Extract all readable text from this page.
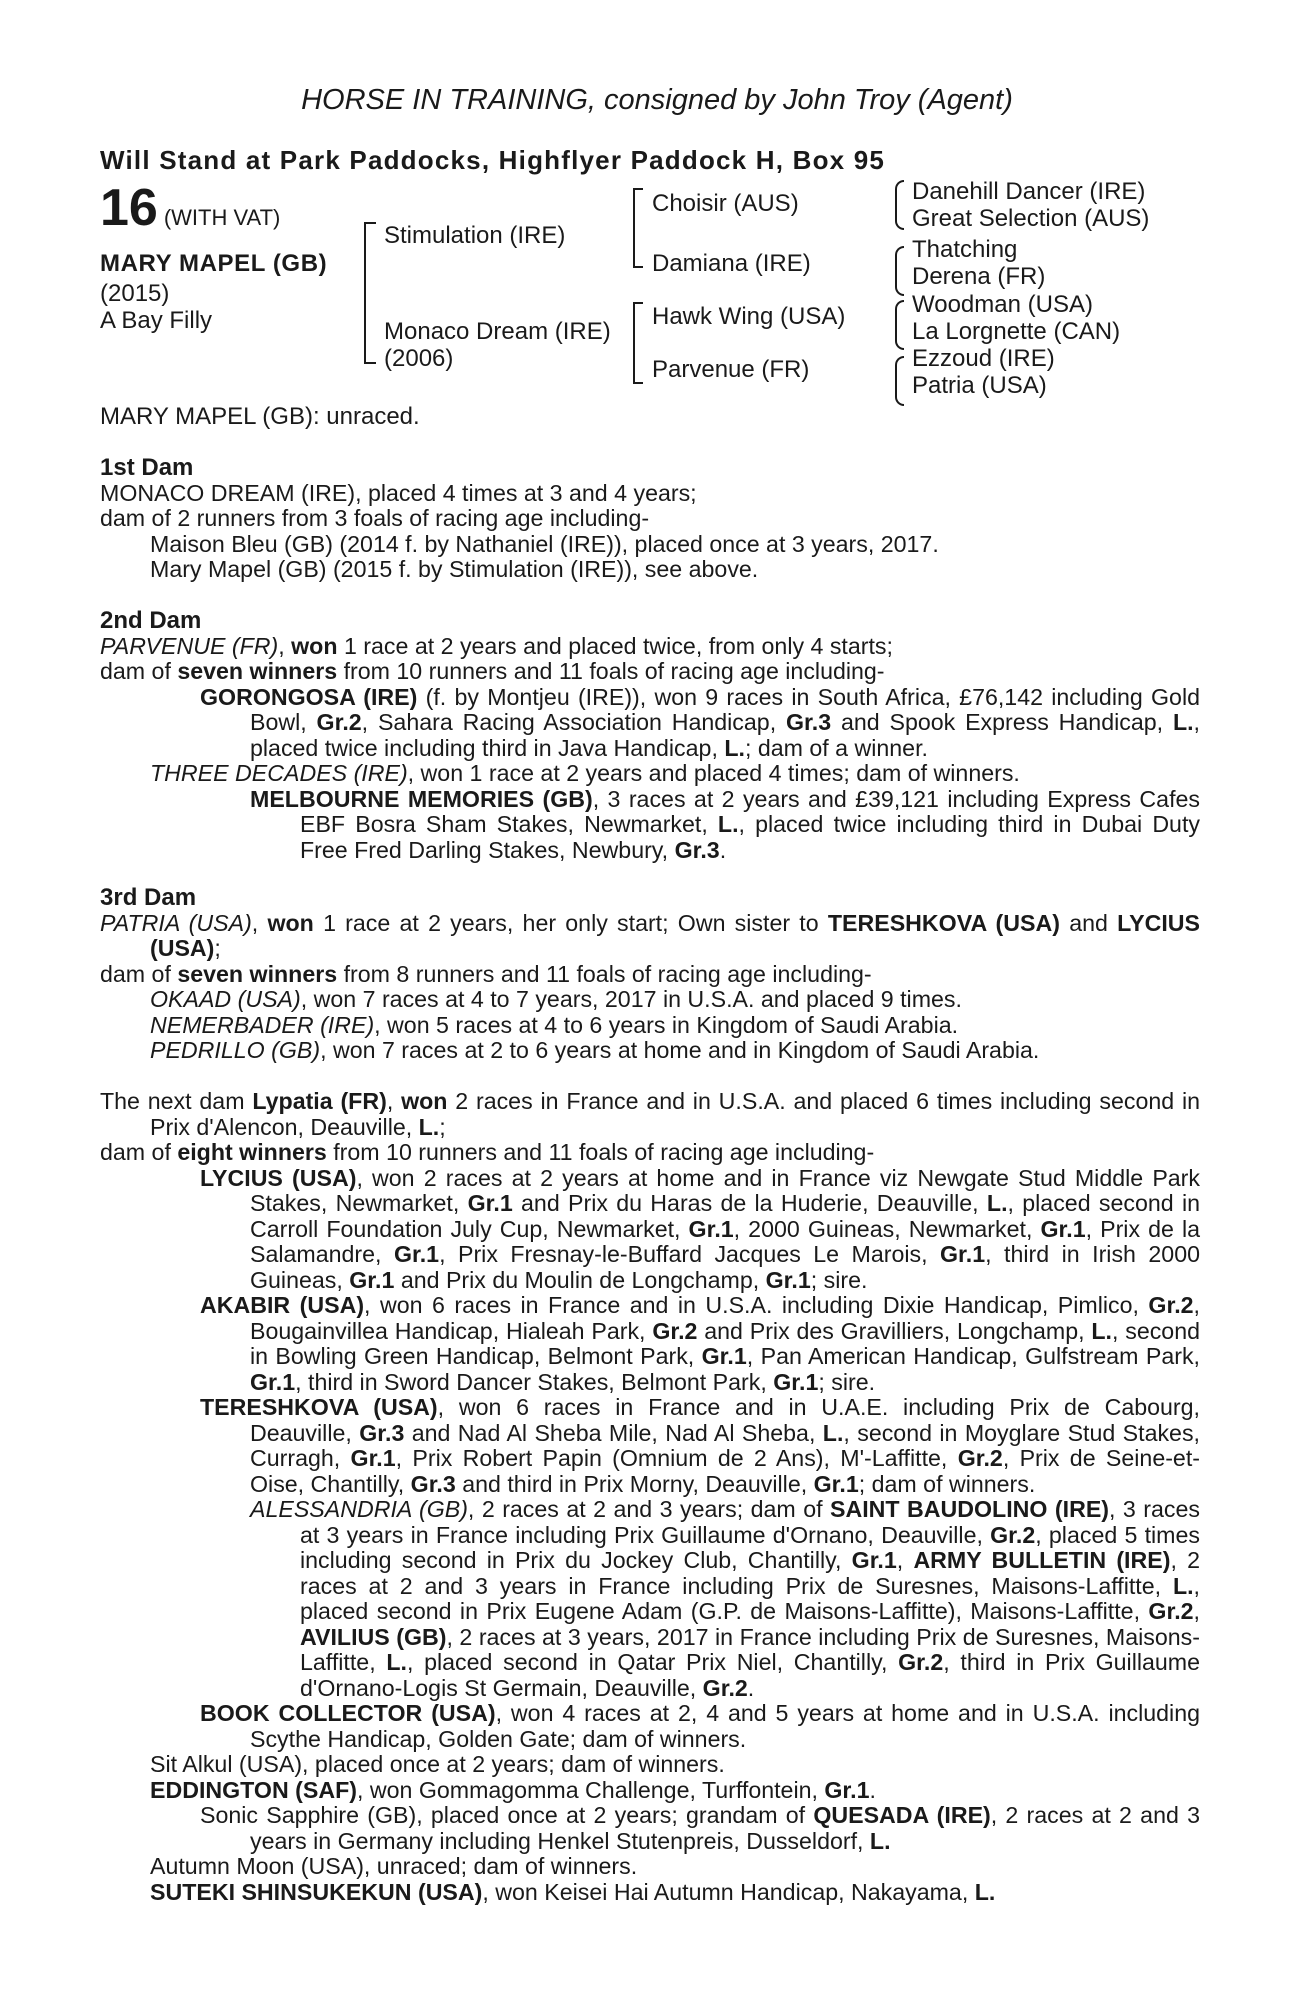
HORSE IN TRAINING, consigned by John Troy (Agent)
Will Stand at Park Paddocks, Highflyer Paddock H, Box 95
16 (WITH VAT)
MARY MAPEL (GB)
(2015)
A Bay Filly
Stimulation (IRE)
Monaco Dream (IRE)
(2006)
Choisir (AUS)
Damiana (IRE)
Hawk Wing (USA)
Parvenue (FR)
Danehill Dancer (IRE)
Great Selection (AUS)
Thatching
Derena (FR)
Woodman (USA)
La Lorgnette (CAN)
Ezzoud (IRE)
Patria (USA)
MARY MAPEL (GB): unraced.

1st Dam

MONACO DREAM (IRE), placed 4 times at 3 and 4 years;

dam of 2 runners from 3 foals of racing age including-

Maison Bleu (GB) (2014 f. by Nathaniel (IRE)), placed once at 3 years, 2017.

Mary Mapel (GB) (2015 f. by Stimulation (IRE)), see above.

2nd Dam

PARVENUE (FR), won 1 race at 2 years and placed twice, from only 4 starts;

dam of seven winners from 10 runners and 11 foals of racing age including-

GORONGOSA (IRE) (f. by Montjeu (IRE)), won 9 races in South Africa, £76,142 including Gold Bowl, Gr.2, Sahara Racing Association Handicap, Gr.3 and Spook Express Handicap, L., placed twice including third in Java Handicap, L.; dam of a winner.

THREE DECADES (IRE), won 1 race at 2 years and placed 4 times; dam of winners.

MELBOURNE MEMORIES (GB), 3 races at 2 years and £39,121 including Express Cafes EBF Bosra Sham Stakes, Newmarket, L., placed twice including third in Dubai Duty Free Fred Darling Stakes, Newbury, Gr.3.

3rd Dam

PATRIA (USA), won 1 race at 2 years, her only start; Own sister to TERESHKOVA (USA) and LYCIUS (USA);

dam of seven winners from 8 runners and 11 foals of racing age including-

OKAAD (USA), won 7 races at 4 to 7 years, 2017 in U.S.A. and placed 9 times.

NEMERBADER (IRE), won 5 races at 4 to 6 years in Kingdom of Saudi Arabia.

PEDRILLO (GB), won 7 races at 2 to 6 years at home and in Kingdom of Saudi Arabia.

The next dam Lypatia (FR), won 2 races in France and in U.S.A. and placed 6 times including second in Prix d'Alencon, Deauville, L.;

dam of eight winners from 10 runners and 11 foals of racing age including-

LYCIUS (USA), won 2 races at 2 years at home and in France viz Newgate Stud Middle Park Stakes, Newmarket, Gr.1 and Prix du Haras de la Huderie, Deauville, L., placed second in Carroll Foundation July Cup, Newmarket, Gr.1, 2000 Guineas, Newmarket, Gr.1, Prix de la Salamandre, Gr.1, Prix Fresnay-le-Buffard Jacques Le Marois, Gr.1, third in Irish 2000 Guineas, Gr.1 and Prix du Moulin de Longchamp, Gr.1; sire.

AKABIR (USA), won 6 races in France and in U.S.A. including Dixie Handicap, Pimlico, Gr.2, Bougainvillea Handicap, Hialeah Park, Gr.2 and Prix des Gravilliers, Longchamp, L., second in Bowling Green Handicap, Belmont Park, Gr.1, Pan American Handicap, Gulfstream Park, Gr.1, third in Sword Dancer Stakes, Belmont Park, Gr.1; sire.

TERESHKOVA (USA), won 6 races in France and in U.A.E. including Prix de Cabourg, Deauville, Gr.3 and Nad Al Sheba Mile, Nad Al Sheba, L., second in Moyglare Stud Stakes, Curragh, Gr.1, Prix Robert Papin (Omnium de 2 Ans), M'-Laffitte, Gr.2, Prix de Seine-et-Oise, Chantilly, Gr.3 and third in Prix Morny, Deauville, Gr.1; dam of winners.

ALESSANDRIA (GB), 2 races at 2 and 3 years; dam of SAINT BAUDOLINO (IRE), 3 races at 3 years in France including Prix Guillaume d'Ornano, Deauville, Gr.2, placed 5 times including second in Prix du Jockey Club, Chantilly, Gr.1, ARMY BULLETIN (IRE), 2 races at 2 and 3 years in France including Prix de Suresnes, Maisons-Laffitte, L., placed second in Prix Eugene Adam (G.P. de Maisons-Laffitte), Maisons-Laffitte, Gr.2, AVILIUS (GB), 2 races at 3 years, 2017 in France including Prix de Suresnes, Maisons-Laffitte, L., placed second in Qatar Prix Niel, Chantilly, Gr.2, third in Prix Guillaume d'Ornano-Logis St Germain, Deauville, Gr.2.

BOOK COLLECTOR (USA), won 4 races at 2, 4 and 5 years at home and in U.S.A. including Scythe Handicap, Golden Gate; dam of winners.

Sit Alkul (USA), placed once at 2 years; dam of winners.

EDDINGTON (SAF), won Gommagomma Challenge, Turffontein, Gr.1.

Sonic Sapphire (GB), placed once at 2 years; grandam of QUESADA (IRE), 2 races at 2 and 3 years in Germany including Henkel Stutenpreis, Dusseldorf, L.

Autumn Moon (USA), unraced; dam of winners.

SUTEKI SHINSUKEKUN (USA), won Keisei Hai Autumn Handicap, Nakayama, L.
